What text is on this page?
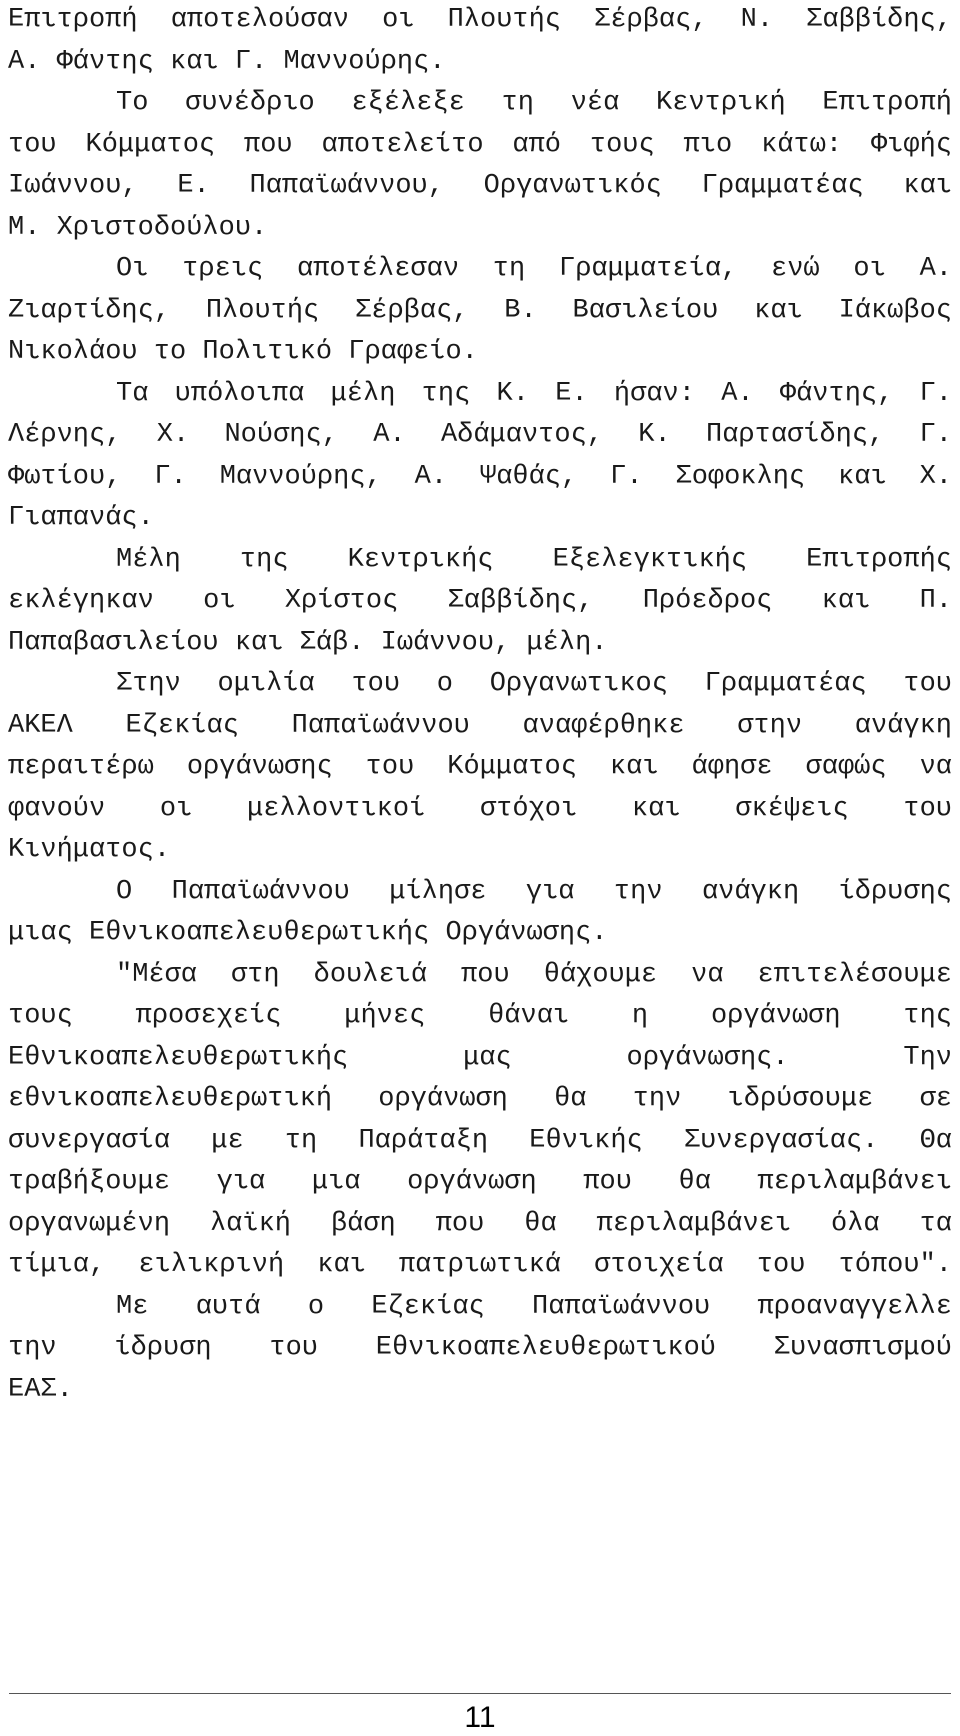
Επιτροπή αποτελούσαν οι Πλουτής Σέρβας, Ν. Σαββίδης,
Α. Φάντης και Γ. Μαννούρης.
Το συνέδριο εξέλεξε τη νέα Κεντρική Επιτροπή
του Κόμματος που αποτελείτο από τους πιο κάτω: Φιφής
Ιωάννου, Ε. Παπαϊωάννου, Οργανωτικός Γραμματέας και
Μ. Χριστοδούλου.
Οι τρεις αποτέλεσαν τη Γραμματεία, ενώ οι Α.
Ζιαρτίδης, Πλουτής Σέρβας, Β. Βασιλείου και Ιάκωβος
Νικολάου το Πολιτικό Γραφείο.
Τα υπόλοιπα μέλη της Κ. Ε. ήσαν: Α. Φάντης, Γ.
Λέρνης, Χ. Νούσης, Α. Αδάμαντος, Κ. Παρτασίδης, Γ.
Φωτίου, Γ. Μαννούρης, Α. Ψαθάς, Γ. Σοφοκλης και Χ.
Γιαπανάς.
Μέλη της Κεντρικής Εξελεγκτικής Επιτροπής
εκλέγηκαν οι Χρίστος Σαββίδης, Πρόεδρος και Π.
Παπαβασιλείου και Σάβ. Ιωάννου, μέλη.
Στην ομιλία του ο Οργανωτικος Γραμματέας του
ΑΚΕΛ Εζεκίας Παπαϊωάννου αναφέρθηκε στην ανάγκη
περαιτέρω οργάνωσης του Κόμματος και άφησε σαφώς να
φανούν οι μελλοντικοί στόχοι και σκέψεις του
Κινήματος.
Ο Παπαϊωάννου μίλησε για την ανάγκη ίδρυσης
μιας Εθνικοαπελευθερωτικής Οργάνωσης.
"Μέσα στη δουλειά που θάχουμε να επιτελέσουμε
τους προσεχείς μήνες θάναι η οργάνωση της
Εθνικοαπελευθερωτικής μας οργάνωσης. Την
εθνικοαπελευθερωτική οργάνωση θα την ιδρύσουμε σε
συνεργασία με τη Παράταξη Εθνικής Συνεργασίας. Θα
τραβήξουμε για μια οργάνωση που θα περιλαμβάνει
οργανωμένη λαϊκή βάση που θα περιλαμβάνει όλα τα
τίμια, ειλικρινή και πατριωτικά στοιχεία του τόπου".
Με αυτά ο Εζεκίας Παπαϊωάννου προαναγγελλε
την ίδρυση του Εθνικοαπελευθερωτικού Συνασπισμού
ΕΑΣ.
11
